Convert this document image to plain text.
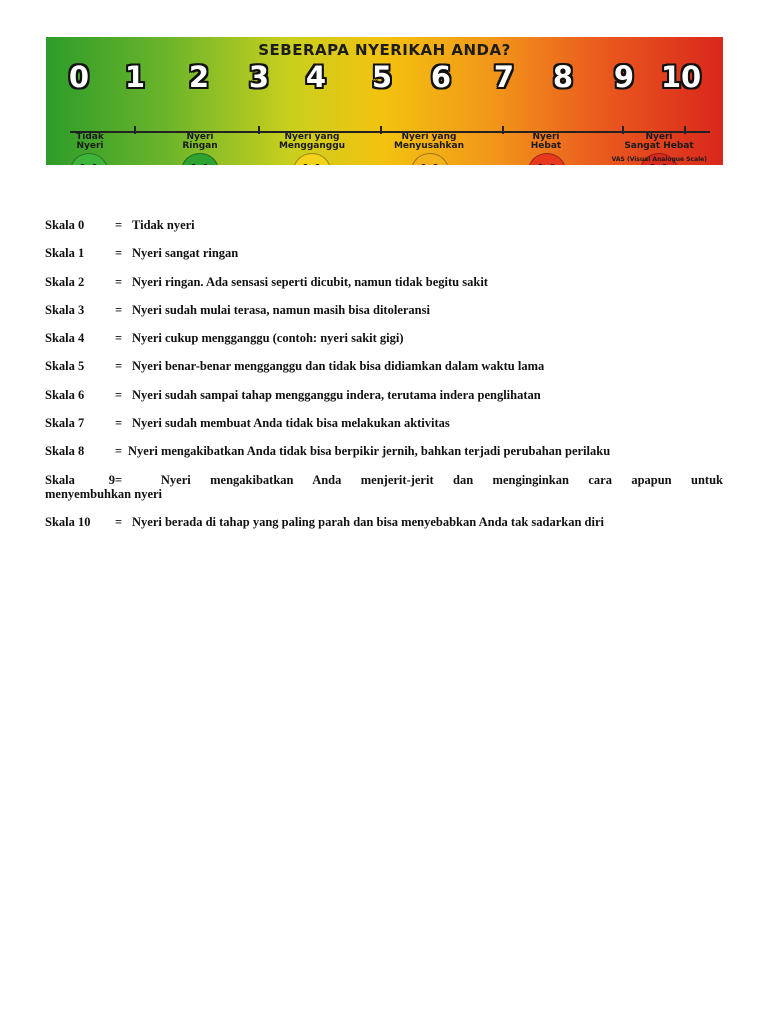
SEBERAPA NYERIKAH ANDA?
0	1	2	3	4	5	6	7	8	9 10
Tidak
Nyeri
Nyeri
Ringan
Nyeri yang
Mengganggu
Nyeri yang
Menyusahkan
Nyeri
Hebat
Nyeri
Sangat Hebat
VAS (Visual Analogue Scale)
Skala 0 = Tidak nyeri
Skala 1 = Nyeri sangat ringan
Skala 2 = Nyeri ringan. Ada sensasi seperti dicubit, namun tidak begitu sakit
Skala 3 = Nyeri sudah mulai terasa, namun masih bisa ditoleransi
Skala 4 = Nyeri cukup mengganggu (contoh: nyeri sakit gigi)
Skala 5 = Nyeri benar-benar mengganggu dan tidak bisa didiamkan dalam waktu lama
Skala 6 = Nyeri sudah sampai tahap mengganggu indera, terutama indera penglihatan
Skala 7 = Nyeri sudah membuat Anda tidak bisa melakukan aktivitas
Skala 8 = Nyeri mengakibatkan Anda tidak bisa berpikir jernih, bahkan terjadi perubahan perilaku
Skala 9=	Nyeri mengakibatkan Anda menjerit-jerit dan menginginkan cara apapun untuk
menyembuhkan nyeri
Skala 10 = Nyeri berada di tahap yang paling parah dan bisa menyebabkan Anda tak sadarkan diri
